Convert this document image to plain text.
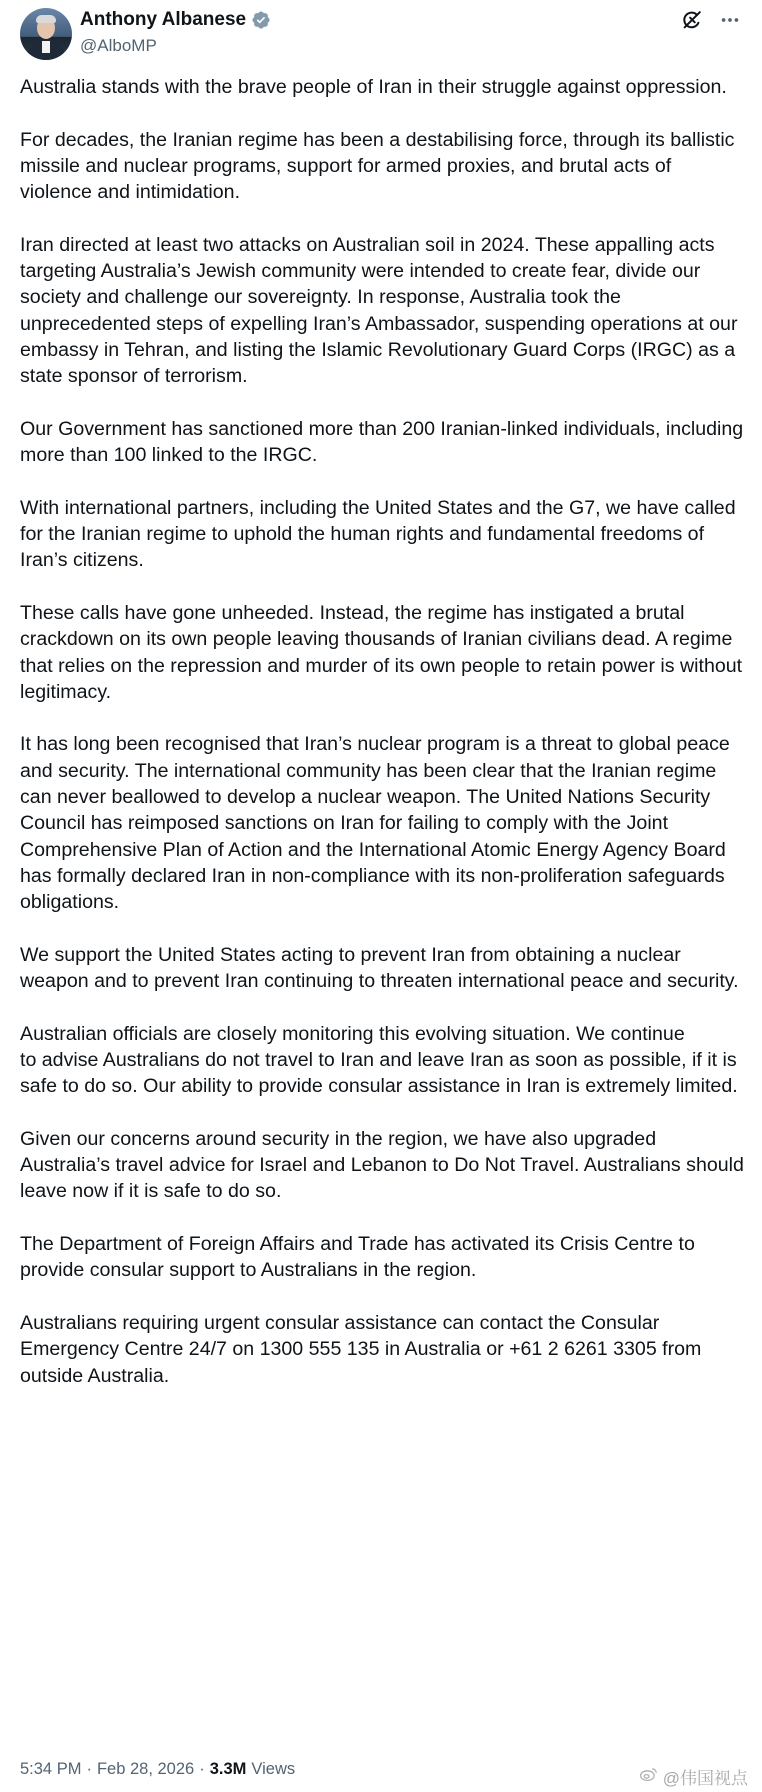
Anthony Albanese
@AlboMP

Australia stands with the brave people of Iran in their struggle against oppression.

For decades, the Iranian regime has been a destabilising force, through its ballistic missile and nuclear programs, support for armed proxies, and brutal acts of violence and intimidation.

Iran directed at least two attacks on Australian soil in 2024. These appalling acts targeting Australia’s Jewish community were intended to create fear, divide our society and challenge our sovereignty. In response, Australia took the unprecedented steps of expelling Iran’s Ambassador, suspending operations at our embassy in Tehran, and listing the Islamic Revolutionary Guard Corps (IRGC) as a state sponsor of terrorism.

Our Government has sanctioned more than 200 Iranian-linked individuals, including more than 100 linked to the IRGC.

With international partners, including the United States and the G7, we have called for the Iranian regime to uphold the human rights and fundamental freedoms of Iran’s citizens.

These calls have gone unheeded. Instead, the regime has instigated a brutal crackdown on its own people leaving thousands of Iranian civilians dead. A regime that relies on the repression and murder of its own people to retain power is without legitimacy.

It has long been recognised that Iran’s nuclear program is a threat to global peace and security. The international community has been clear that the Iranian regime can never beallowed to develop a nuclear weapon. The United Nations Security Council has reimposed sanctions on Iran for failing to comply with the Joint Comprehensive Plan of Action and the International Atomic Energy Agency Board has formally declared Iran in non-compliance with its non-proliferation safeguards obligations.

We support the United States acting to prevent Iran from obtaining a nuclear weapon and to prevent Iran continuing to threaten international peace and security.

Australian officials are closely monitoring this evolving situation. We continue
to advise Australians do not travel to Iran and leave Iran as soon as possible, if it is safe to do so. Our ability to provide consular assistance in Iran is extremely limited.

Given our concerns around security in the region, we have also upgraded Australia’s travel advice for Israel and Lebanon to Do Not Travel. Australians should leave now if it is safe to do so.

The Department of Foreign Affairs and Trade has activated its Crisis Centre to provide consular support to Australians in the region.

Australians requiring urgent consular assistance can contact the Consular Emergency Centre 24/7 on 1300 555 135 in Australia or +61 2 6261 3305 from outside Australia.

5:34 PM · Feb 28, 2026 · 3.3M Views	@伟国视点
